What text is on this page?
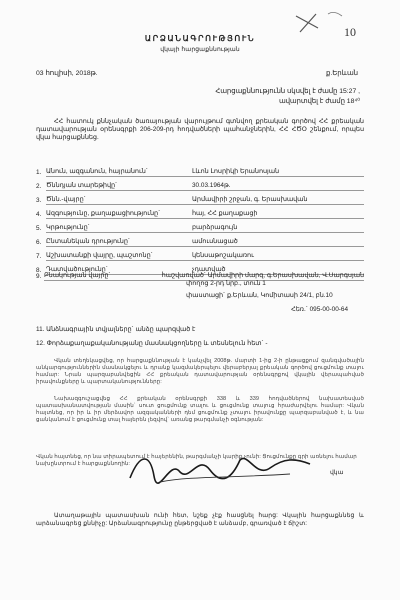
10
ԱՐՁԱՆԱԳՐՈՒԹՅՈՒՆ
վկայի հարցաքննության
03 հուլիսի, 2018թ.	ք.Երևան
Հարցաքննությունն սկսվել է ժամը 15:27 ,
ավարտվել է ժամը 18⁴⁰
ՀՀ հատուկ քննչական ծառայության վարույթում գտնվող քրեական գործով ՀՀ քրեական դատավարության օրենսգրքի 206-209-րդ հոդվածների պահանջներին, ՀՀ ՀԾՕ շենքում, որպես վկա հարցաքննեց.
1. Անուն, ազգանուն, հայրանուն`	Լևոն Լոսրիկի Երանոսյան
2. Ծննդյան տարեթիվը`	30.03.1964թ.
3. Ծնն.-վայրը`	Արմավիրի շրջան, գ. Երասխավան
4. Ազգությունը, քաղաքացիությունը`	հայ, ՀՀ քաղաքացի
5. Կրթությունը`	բարձրագույն
6. Ընտանեկան դրությունը`	ամուսնացած
7. Աշխատանքի վայրը, պաշտոնը`	կենսաթոշակառու
8. Դատվածությունը`	չդատված
9. Բնակության վայրը`	հաշվառված` Արմավիրի մարզ, գ.Երասխավան, Վ.Սարգսյան
փողոց 2-րդ նրբ., տուն 1
փաստացի` ք.Երևան, Կոմիտասի 24/1, բն.10
Հեռ.` 095-00-00-64
11. Անձնագրային տվյալները` անձը պարզված է
12. Փորձաքաղաքականությանը մասնակցողները և տեսնելուն հետ` -
Վկան տեղեկացվեց, որ հարցաքննության է կանչվել 2008թ. մարտի 1-ից 2-ի ընթացքում զանգվածային անկարգություններին մասնակցելու և դրանք կազմակերպելու վերաբերյալ քրեական գործով ցուցմունք տալու համար: Նրան պարզաբանվեցին ՀՀ քրեական դատավարության օրենսգրքով վկային վերապահված իրավունքները և պարտականությունները:
Նախազգուշացվեց ՀՀ քրեական օրենսգրքի 338 և 339 հոդվածներով նախատեսված պատասխանատվության մասին` սուտ ցուցմունք տալու և ցուցմունք տալուց հրաժարվելու համար: Վկան հայտնեց, որ իր և իր մերձավոր ազգականների դեմ ցուցմունք չտալու իրավունքը պարզաբանված է, և նա ցանկանում է ցուցմունք տալ հայերեն լեզվով` առանց թարգմանչի օգնության:
Վկան հայտնեց, որ նա տիրապետում է հայերենին, թարգմանչի կարիք չունի: Ցուցմունքը գրի առնելու համար նախընտրում է հարցաքննողին:
վկա
Ատաղաթային պատասխան ունի հետ, նշեք չէք հասցնել հարց: Վկային հարցաքննեց և արձանագրեց քննիչը: Արձանագրությունը ընթերցված է անձամբ, գրառված է ճիշտ:
